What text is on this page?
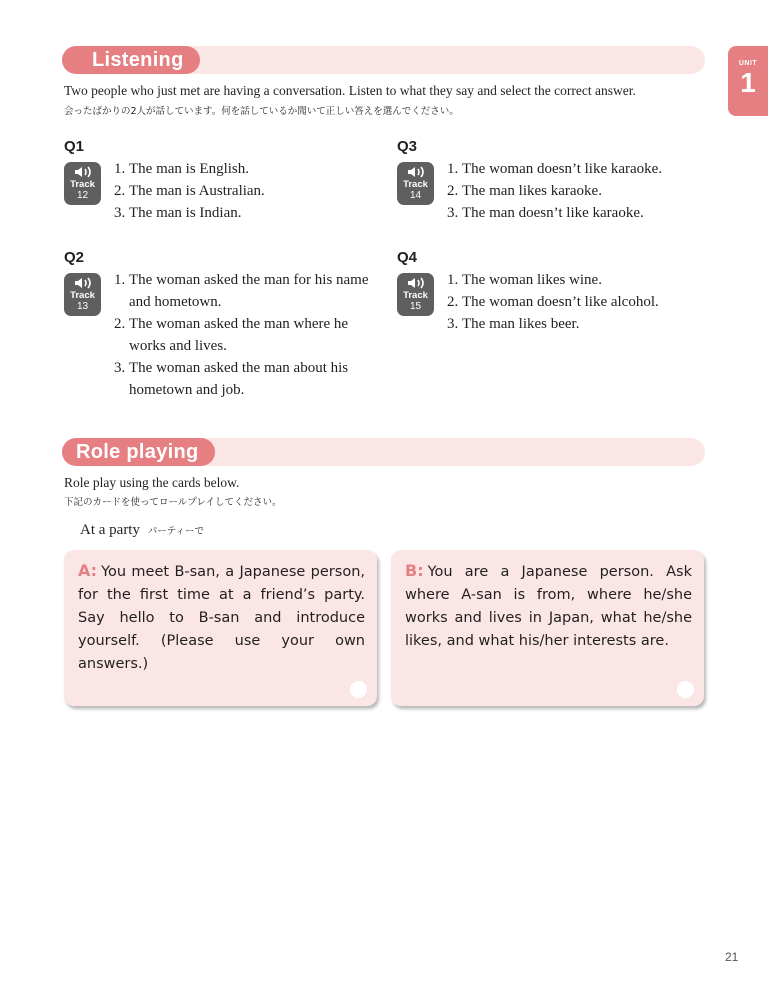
UNIT
1
Listening
Two people who just met are having a conversation. Listen to what they say and select the correct answer.
会ったばかりの2人が話しています。何を話しているか聞いて正しい答えを選んでください。
Q1
Track
12
1. The man is English.
2. The man is Australian.
3. The man is Indian.
Q2
Track
13
1. The woman asked the man for his name and hometown.
2. The woman asked the man where he works and lives.
3. The woman asked the man about his hometown and job.
Q3
Track
14
1. The woman doesn’t like karaoke.
2. The man likes karaoke.
3. The man doesn’t like karaoke.
Q4
Track
15
1. The woman likes wine.
2. The woman doesn’t like alcohol.
3. The man likes beer.
Role playing
Role play using the cards below.
下記のカードを使ってロールプレイしてください。
At a party パーティーで
A: You meet B-san, a Japanese person, for the first time at a friend’s party. Say hello to B-san and introduce yourself. (Please use your own answers.)
B: You are a Japanese person. Ask where A-san is from, where he/she works and lives in Japan, what he/she likes, and what his/her interests are.
21
